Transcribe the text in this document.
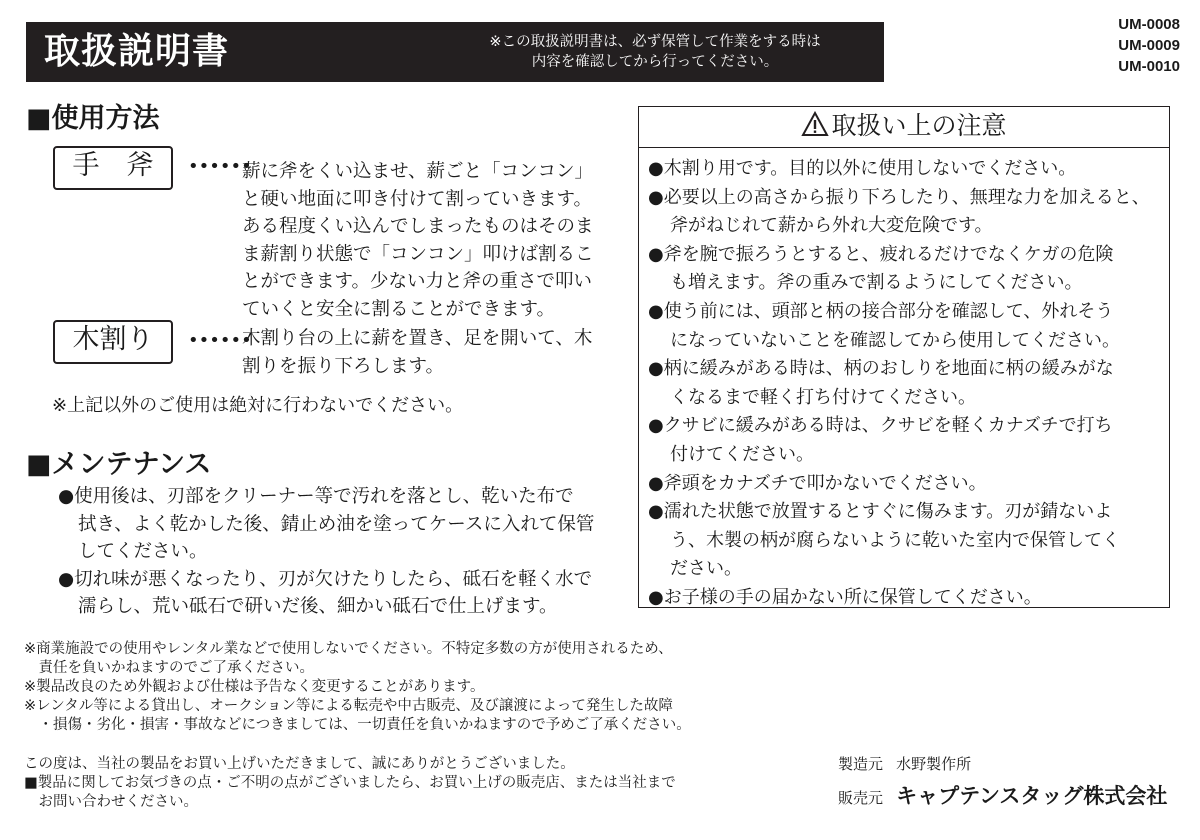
取扱説明書	※この取扱説明書は、必ず保管して作業をする時は
内容を確認してから行ってください。
UM-0008
UM-0009
UM-0010
■使用方法
手　斧	••••••
薪に斧をくい込ませ、薪ごと「コンコン」
と硬い地面に叩き付けて割っていきます。
ある程度くい込んでしまったものはそのま
ま薪割り状態で「コンコン」叩けば割るこ
とができます。少ない力と斧の重さで叩い
ていくと安全に割ることができます。
木割り	••••••
木割り台の上に薪を置き、足を開いて、木
割りを振り下ろします。
※上記以外のご使用は絶対に行わないでください。
■メンテナンス
●使用後は、刃部をクリーナー等で汚れを落とし、乾いた布で
拭き、よく乾かした後、錆止め油を塗ってケースに入れて保管
してください。
●切れ味が悪くなったり、刃が欠けたりしたら、砥石を軽く水で
濡らし、荒い砥石で研いだ後、細かい砥石で仕上げます。
取扱い上の注意
●木割り用です。目的以外に使用しないでください。
●必要以上の高さから振り下ろしたり、無理な力を加えると、
斧がねじれて薪から外れ大変危険です。
●斧を腕で振ろうとすると、疲れるだけでなくケガの危険
も増えます。斧の重みで割るようにしてください。
●使う前には、頭部と柄の接合部分を確認して、外れそう
になっていないことを確認してから使用してください。
●柄に緩みがある時は、柄のおしりを地面に柄の緩みがな
くなるまで軽く打ち付けてください。
●クサビに緩みがある時は、クサビを軽くカナズチで打ち
付けてください。
●斧頭をカナズチで叩かないでください。
●濡れた状態で放置するとすぐに傷みます。刃が錆ないよ
う、木製の柄が腐らないように乾いた室内で保管してく
ださい。
●お子様の手の届かない所に保管してください。
※商業施設での使用やレンタル業などで使用しないでください。不特定多数の方が使用されるため、
　責任を負いかねますのでご了承ください。
※製品改良のため外観および仕様は予告なく変更することがあります。
※レンタル等による貸出し、オークション等による転売や中古販売、及び譲渡によって発生した故障
　・損傷・劣化・損害・事故などにつきましては、一切責任を負いかねますので予めご了承ください。
この度は、当社の製品をお買い上げいただきまして、誠にありがとうございました。
■製品に関してお気づきの点・ご不明の点がございましたら、お買い上げの販売店、または当社まで
　お問い合わせください。
製造元 水野製作所
販売元 キャプテンスタッグ株式会社
